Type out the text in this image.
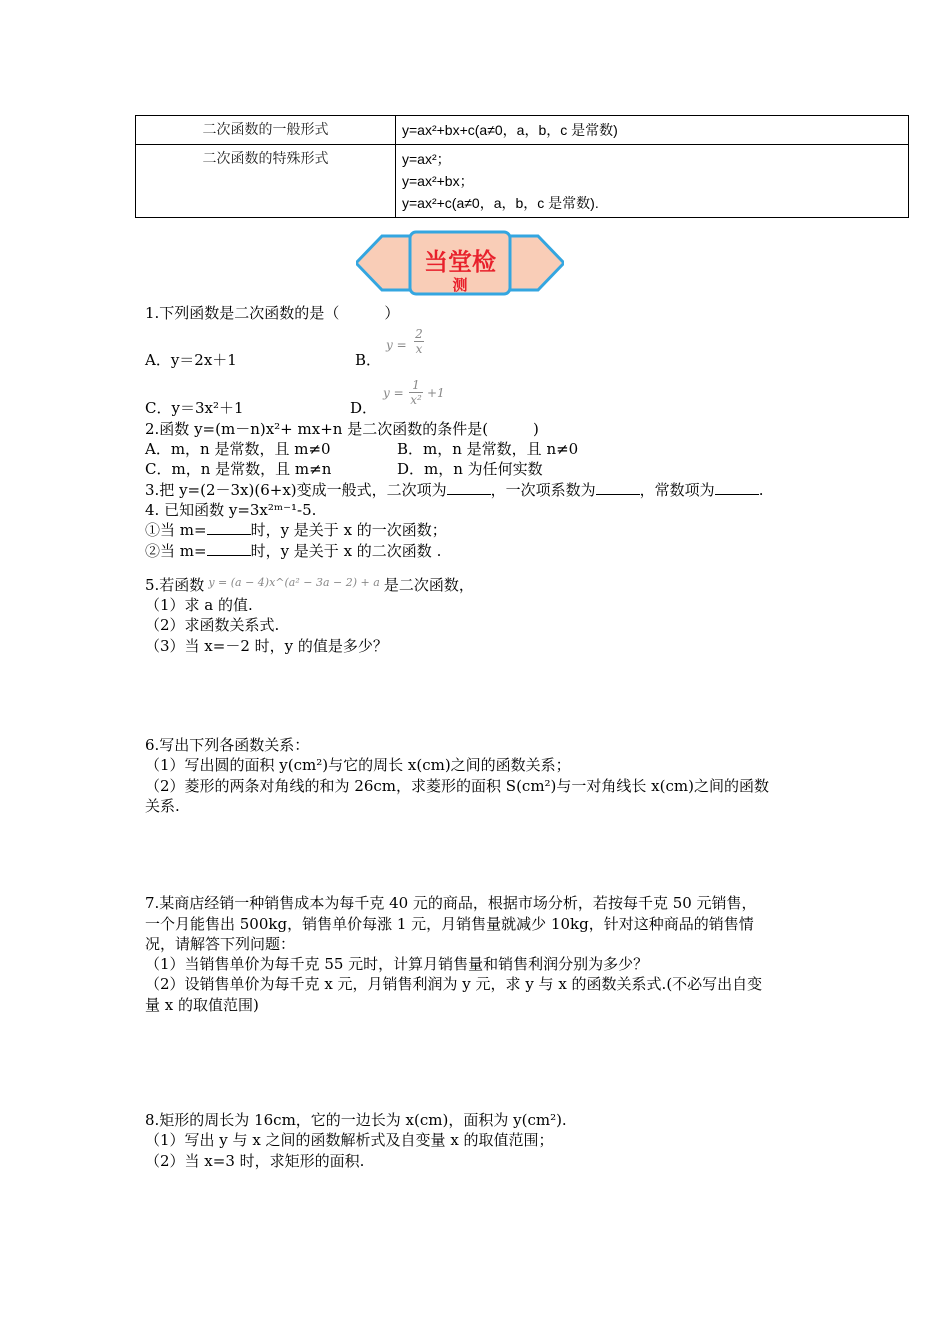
二次函数的一般形式	y=ax²+bx+c(a≠0，a，b，c 是常数)

二次函数的特殊形式	y=ax²；
y=ax²+bx；
y=ax²+c(a≠0，a，b，c 是常数).
当堂检
测
1.下列函数是二次函数的是（　　　）
A．y＝2x＋1	B．
y =
2
x
C．y＝3x²＋1	D．
y =
1
x² +1
2.函数 y=(m－n)x²+ mx+n 是二次函数的条件是(　　　)
A．m，n 是常数，且 m≠0	B．m，n 是常数，且 n≠0
C．m，n 是常数，且 m≠n	D．m，n 为任何实数
3.把 y=(2－3x)(6+x)变成一般式，二次项为	，一次项系数为	，常数项为	.
4. 已知函数 y=3x²ᵐ⁻¹-5.
①当 m=	时，y 是关于 x 的一次函数；
②当 m=	时，y 是关于 x 的二次函数 .
5.若函数 $^{y = (a - 4)x\^{}(a^2 - 3a - 2) + a}$ 是二次函数，
（1）求 a 的值.
（2）求函数关系式.
（3）当 x=－2 时，y 的值是多少？
6.写出下列各函数关系：
（1）写出圆的面积 y(cm²)与它的周长 x(cm)之间的函数关系；
（2）菱形的两条对角线的和为 26cm，求菱形的面积 S(cm²)与一对角线长 x(cm)之间的函数
关系.
7.某商店经销一种销售成本为每千克 40 元的商品，根据市场分析，若按每千克 50 元销售，
一个月能售出 500kg，销售单价每涨 1 元，月销售量就减少 10kg，针对这种商品的销售情
况，请解答下列问题：
（1）当销售单价为每千克 55 元时，计算月销售量和销售利润分别为多少？
（2）设销售单价为每千克 x 元，月销售利润为 y 元，求 y 与 x 的函数关系式.(不必写出自变
量 x 的取值范围)
8.矩形的周长为 16cm，它的一边长为 x(cm)，面积为 y(cm²).
（1）写出 y 与 x 之间的函数解析式及自变量 x 的取值范围；
（2）当 x=3 时，求矩形的面积.
